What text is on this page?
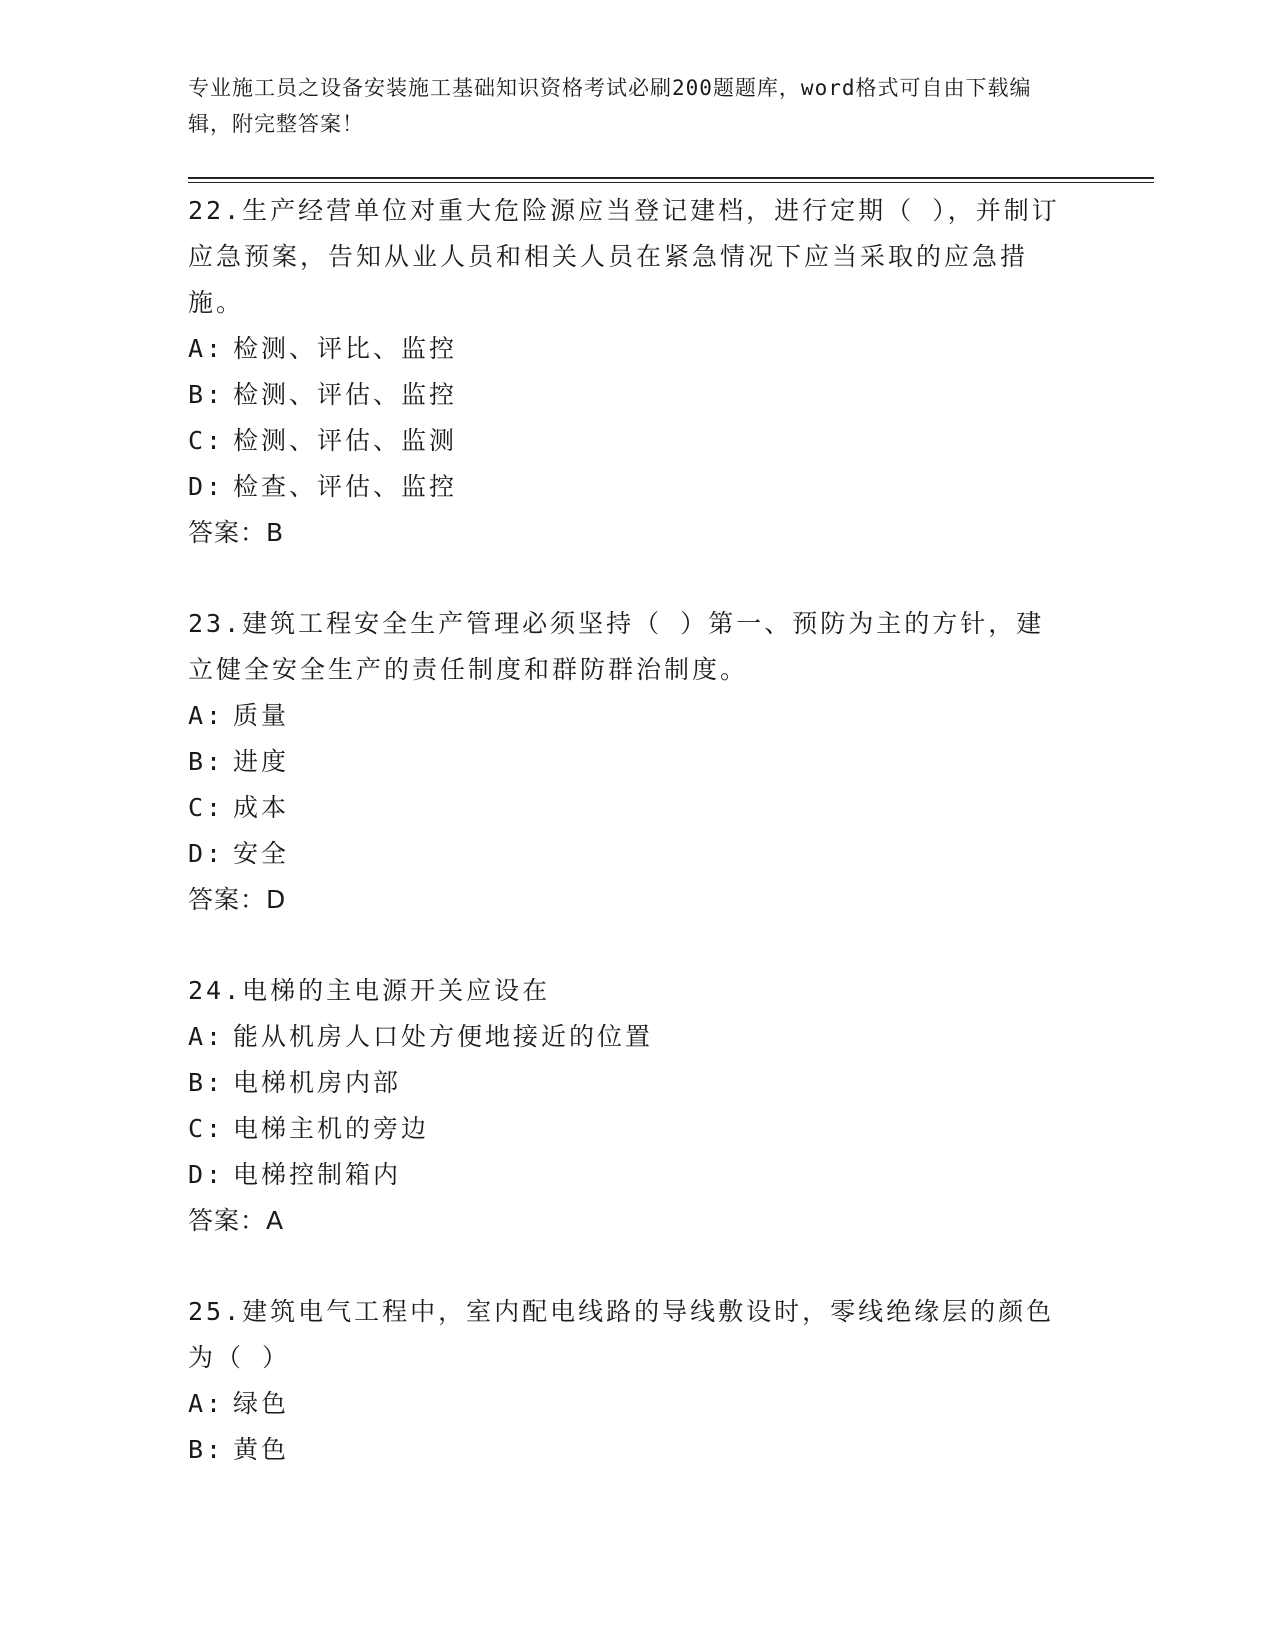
专业施工员之设备安装施工基础知识资格考试必刷200题题库，word格式可自由下载编辑，附完整答案！

22.生产经营单位对重大危险源应当登记建档，进行定期（ ），并制订应急预案，告知从业人员和相关人员在紧急情况下应当采取的应急措施。

A: 检测、评比、监控
B: 检测、评估、监控
C: 检测、评估、监测
D: 检查、评估、监控
答案：B

23.建筑工程安全生产管理必须坚持（ ）第一、预防为主的方针，建立健全安全生产的责任制度和群防群治制度。

A: 质量
B: 进度
C: 成本
D: 安全
答案：D

24.电梯的主电源开关应设在

A: 能从机房人口处方便地接近的位置
B: 电梯机房内部
C: 电梯主机的旁边
D: 电梯控制箱内
答案：A

25.建筑电气工程中，室内配电线路的导线敷设时，零线绝缘层的颜色为（ ）

A: 绿色
B: 黄色
